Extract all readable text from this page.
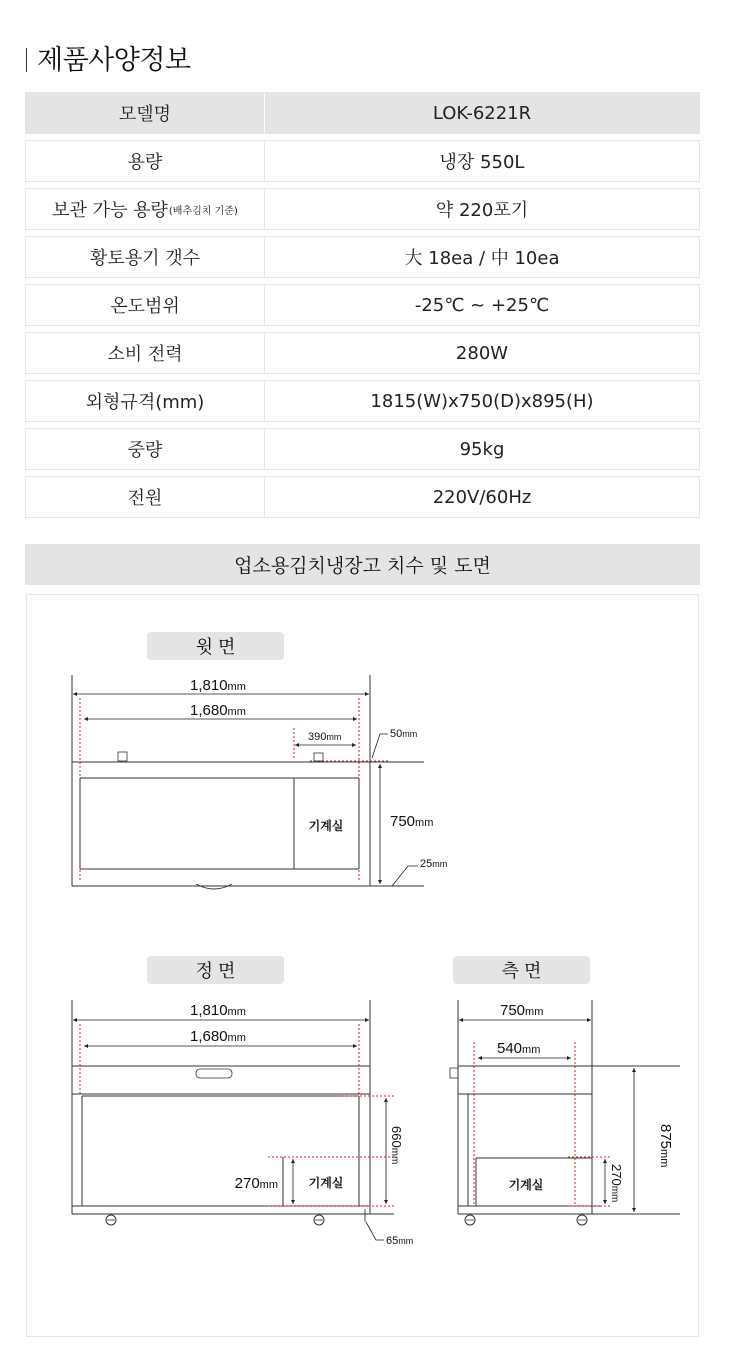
제품사양정보
모델명	LOK-6221R
용량	냉장 550L
보관 가능 용량 (배추김치 기준)	약 220포기
황토용기 갯수	大 18ea / 中 10ea
온도범위	-25℃ ~ +25℃
소비 전력	280W
외형규격(mm)	1815(W)x750(D)x895(H)
중량	95kg
전원	220V/60Hz
업소용김치냉장고 치수 및 도면
윗 면
1,810mm
1,680mm
390mm	50mm
기계실	750mm
25mm
정 면
1,810mm
1,680mm
기계실
270mm
660mm
65mm
측 면
750mm
540mm
기계실	270mm
875mm
